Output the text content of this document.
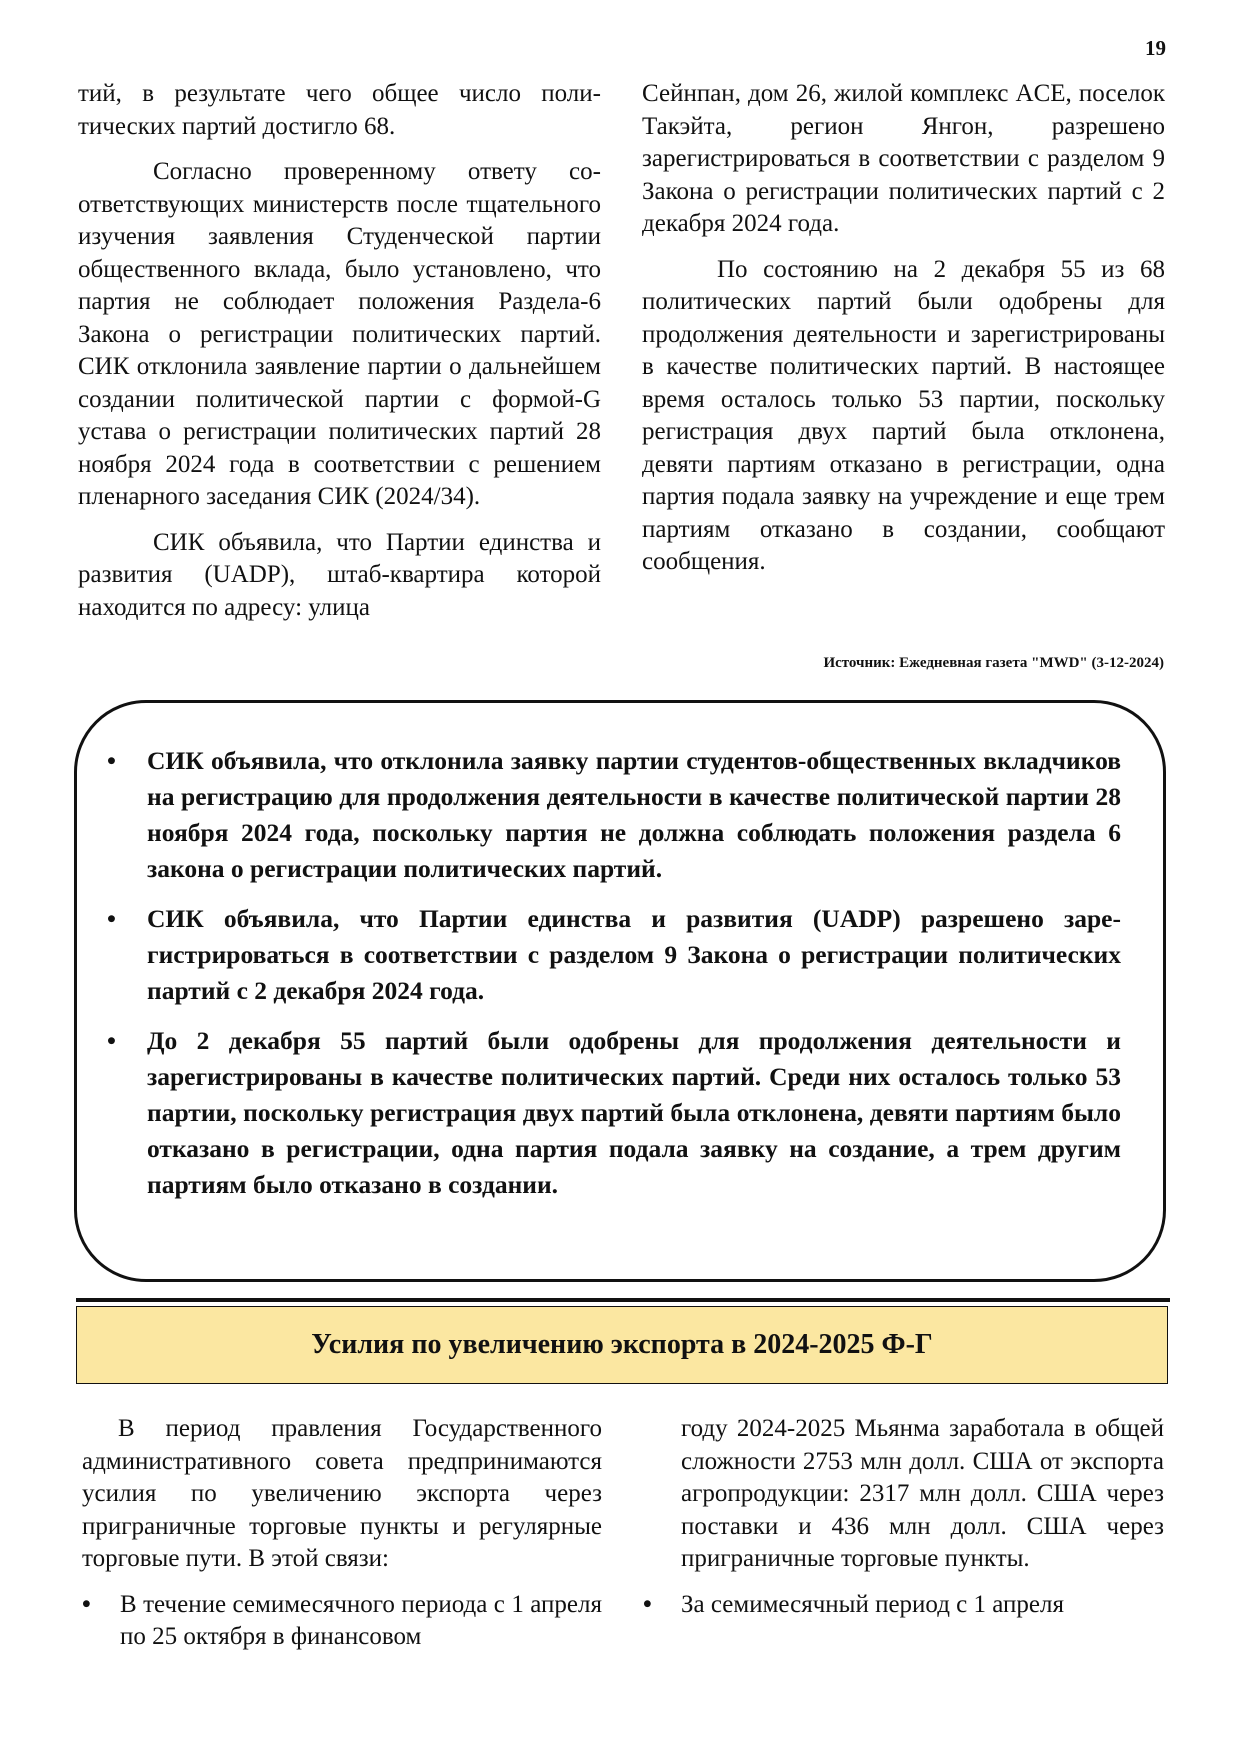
19

тий, в результате чего общее число политических партий достигло 68.

Согласно проверенному ответу соответствующих министерств после тщательного изучения заявления Студенческой партии общественного вклада, было установлено, что партия не соблюдает положения Раздела-6 Закона о регистрации политических партий. СИК отклонила заявление партии о дальнейшем создании политической партии с формой-G устава о регистрации политических партий 28 ноября 2024 года в соответствии с решением пленарного заседания СИК (2024/34).

СИК объявила, что Партии единства и развития (UADP), штаб-квартира которой находится по адресу: улица

Сейнпан, дом 26, жилой комплекс ACE, поселок Такэйта, регион Янгон, разрешено зарегистрироваться в соответствии с разделом 9 Закона о регистрации политических партий с 2 декабря 2024 года.

По состоянию на 2 декабря 55 из 68 политических партий были одобрены для продолжения деятельности и зарегистрированы в качестве политических партий. В настоящее время осталось только 53 партии, поскольку регистрация двух партий была отклонена, девяти партиям отказано в регистрации, одна партия подала заявку на учреждение и еще трем партиям отказано в создании, сообщают сообщения.

Источник: Ежедневная газета "MWD" (3-12-2024)
• СИК объявила, что отклонила заявку партии студентов-общественных вкладчиков на регистрацию для продолжения деятельности в качестве политической партии 28 ноября 2024 года, поскольку партия не должна соблюдать положения раздела 6 закона о регистрации политических партий.
• СИК объявила, что Партии единства и развития (UADP) разрешено зарегистрироваться в соответствии с разделом 9 Закона о регистрации политических партий с 2 декабря 2024 года.
• До 2 декабря 55 партий были одобрены для продолжения деятельности и зарегистрированы в качестве политических партий. Среди них осталось только 53 партии, поскольку регистрация двух партий была отклонена, девяти партиям было отказано в регистрации, одна партия подала заявку на создание, а трем другим партиям было отказано в создании.
Усилия по увеличению экспорта в 2024-2025 Ф-Г

В период правления Государственного административного совета предпринимаются усилия по увеличению экспорта через приграничные торговые пункты и регулярные торговые пути. В этой связи:

• В течение семимесячного периода с 1 апреля по 25 октября в финансовом
году 2024-2025 Мьянма заработала в общей сложности 2753 млн долл. США от экспорта агропродукции: 2317 млн долл. США через поставки и 436 млн долл. США через приграничные торговые пункты.
• За семимесячный период с 1 апреля
